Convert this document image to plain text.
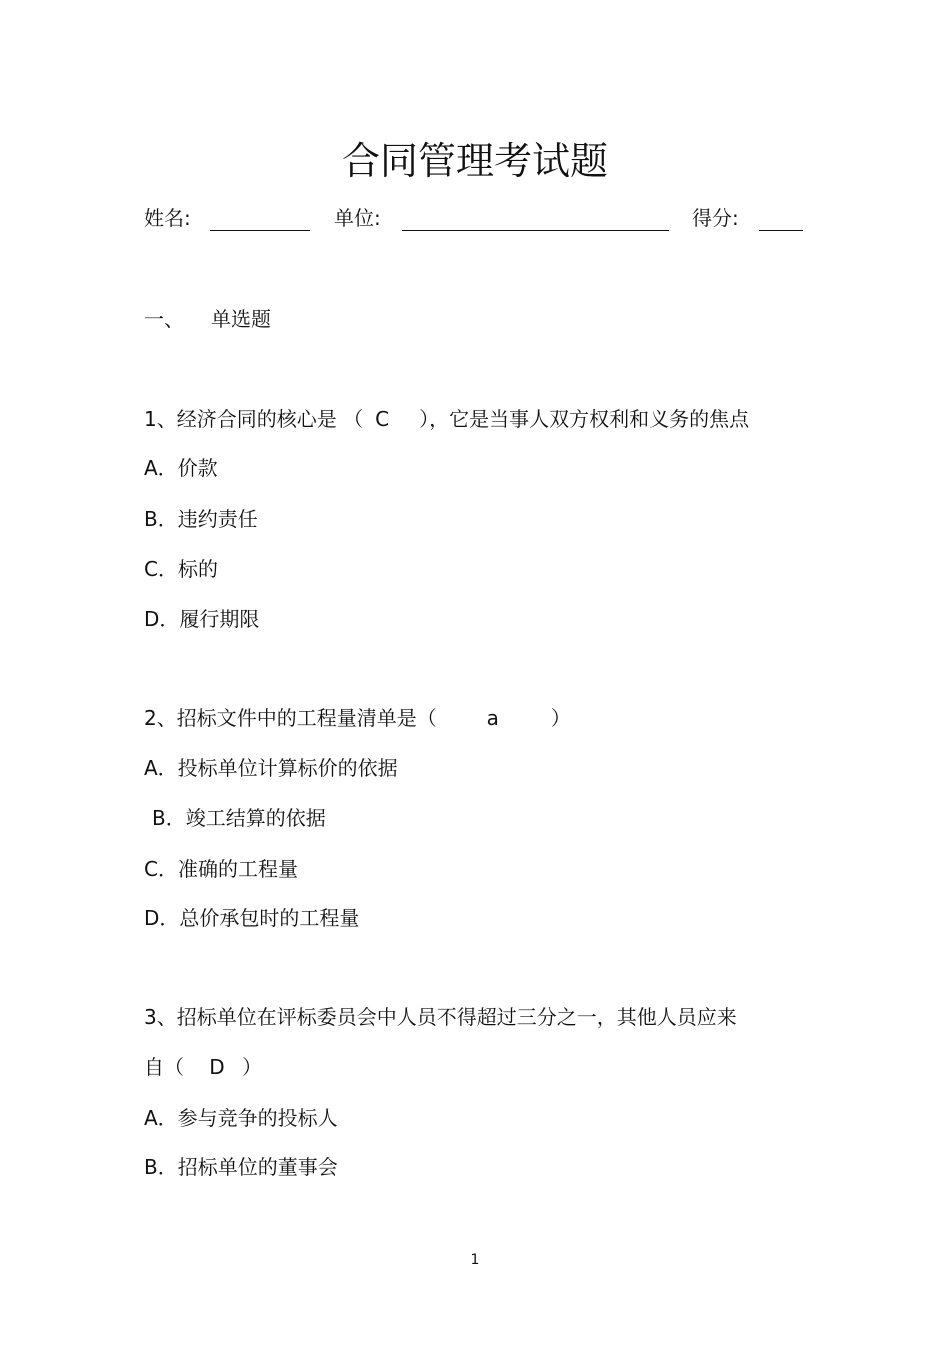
合同管理考试题
姓名:	单位:	得分:
一、 单选题
1、经济合同的核心是 （ C ），它是当事人双方权利和义务的焦点
A．价款
B．违约责任
C．标的
D．履行期限
2、招标文件中的工程量清单是（ a	）
A．投标单位计算标价的依据
B．竣工结算的依据
C．准确的工程量
D．总价承包时的工程量
3、招标单位在评标委员会中人员不得超过三分之一，其他人员应来
自（ D ）
A．参与竞争的投标人
B．招标单位的董事会
1
